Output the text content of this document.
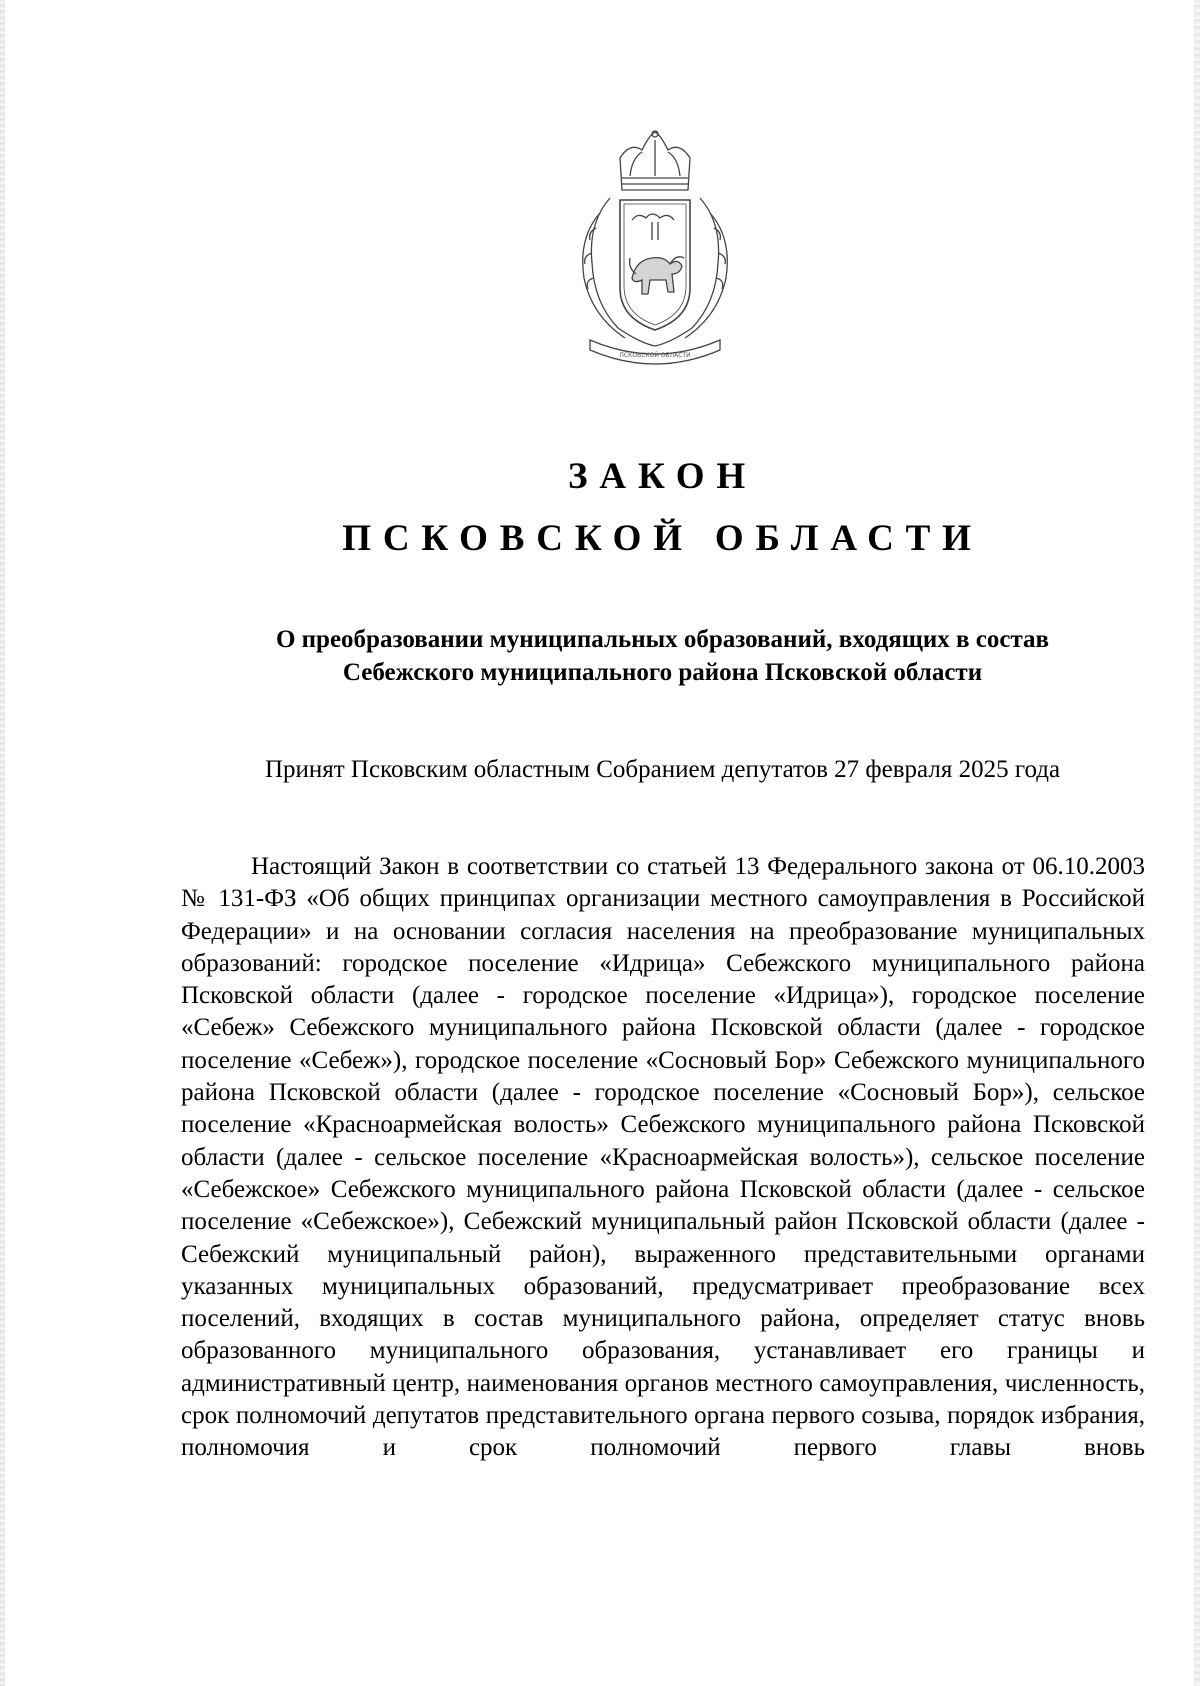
ПСКОВСКОЙ ОБЛАСТИ
ЗАКОН
ПСКОВСКОЙ ОБЛАСТИ
О преобразовании муниципальных образований, входящих в состав
Себежского муниципального района Псковской области
Принят Псковским областным Собранием депутатов 27 февраля 2025 года

Настоящий Закон в соответствии со статьей 13 Федерального закона от 06.10.2003 № 131-ФЗ «Об общих принципах организации местного самоуправления в Российской Федерации» и на основании согласия населения на преобразование муниципальных образований: городское поселение «Идрица» Себежского муниципального района Псковской области (далее - городское поселение «Идрица»), городское поселение «Себеж» Себежского муниципального района Псковской области (далее - городское поселение «Себеж»), городское поселение «Сосновый Бор» Себежского муниципального района Псковской области (далее - городское поселение «Сосновый Бор»), сельское поселение «Красноармейская волость» Себежского муниципального района Псковской области (далее - сельское поселение «Красноармейская волость»), сельское поселение «Себежское» Себежского муниципального района Псковской области (далее - сельское поселение «Себежское»), Себежский муниципальный район Псковской области (далее - Себежский муниципальный район), выраженного представительными органами указанных муниципальных образований, предусматривает преобразование всех поселений, входящих в состав муниципального района, определяет статус вновь образованного муниципального образования, устанавливает его границы и административный центр, наименования органов местного самоуправления, численность, срок полномочий депутатов представительного органа первого созыва, порядок избрания, полномочия и срок полномочий первого главы вновь
